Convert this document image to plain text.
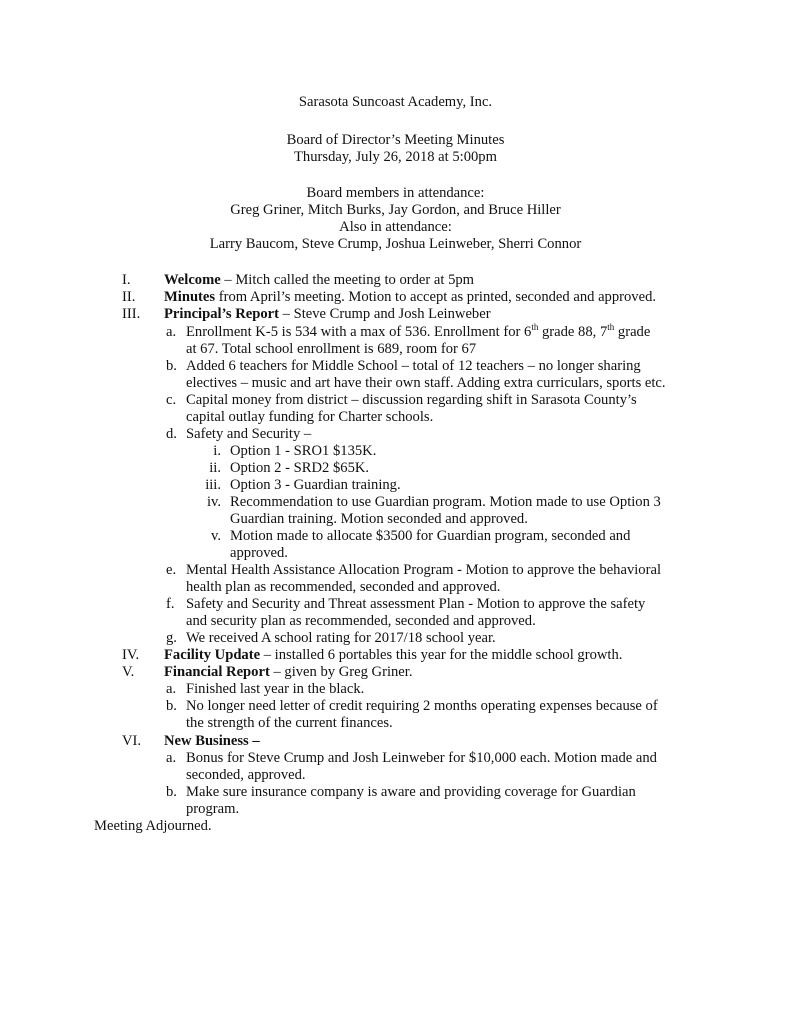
Sarasota Suncoast Academy, Inc.
Board of Director’s Meeting Minutes
Thursday, July 26, 2018 at 5:00pm
Board members in attendance:
Greg Griner, Mitch Burks, Jay Gordon, and Bruce Hiller
Also in attendance:
Larry Baucom, Steve Crump, Joshua Leinweber, Sherri Connor
I. Welcome – Mitch called the meeting to order at 5pm
II. Minutes from April’s meeting. Motion to accept as printed, seconded and approved.
III. Principal’s Report – Steve Crump and Josh Leinweber
a. Enrollment K-5 is 534 with a max of 536. Enrollment for 6th grade 88, 7th grade
at 67. Total school enrollment is 689, room for 67
b. Added 6 teachers for Middle School – total of 12 teachers – no longer sharing
electives – music and art have their own staff. Adding extra curriculars, sports etc.
c. Capital money from district – discussion regarding shift in Sarasota County’s
capital outlay funding for Charter schools.
d. Safety and Security –
i. Option 1 - SRO1 $135K.
ii. Option 2 - SRD2 $65K.
iii. Option 3 - Guardian training.
iv. Recommendation to use Guardian program. Motion made to use Option 3
Guardian training. Motion seconded and approved.
v. Motion made to allocate $3500 for Guardian program, seconded and
approved.
e. Mental Health Assistance Allocation Program - Motion to approve the behavioral
health plan as recommended, seconded and approved.
f. Safety and Security and Threat assessment Plan - Motion to approve the safety
and security plan as recommended, seconded and approved.
g. We received A school rating for 2017/18 school year.
IV. Facility Update – installed 6 portables this year for the middle school growth.
V. Financial Report – given by Greg Griner.
a. Finished last year in the black.
b. No longer need letter of credit requiring 2 months operating expenses because of
the strength of the current finances.
VI. New Business –
a. Bonus for Steve Crump and Josh Leinweber for $10,000 each. Motion made and
seconded, approved.
b. Make sure insurance company is aware and providing coverage for Guardian
program.
Meeting Adjourned.
